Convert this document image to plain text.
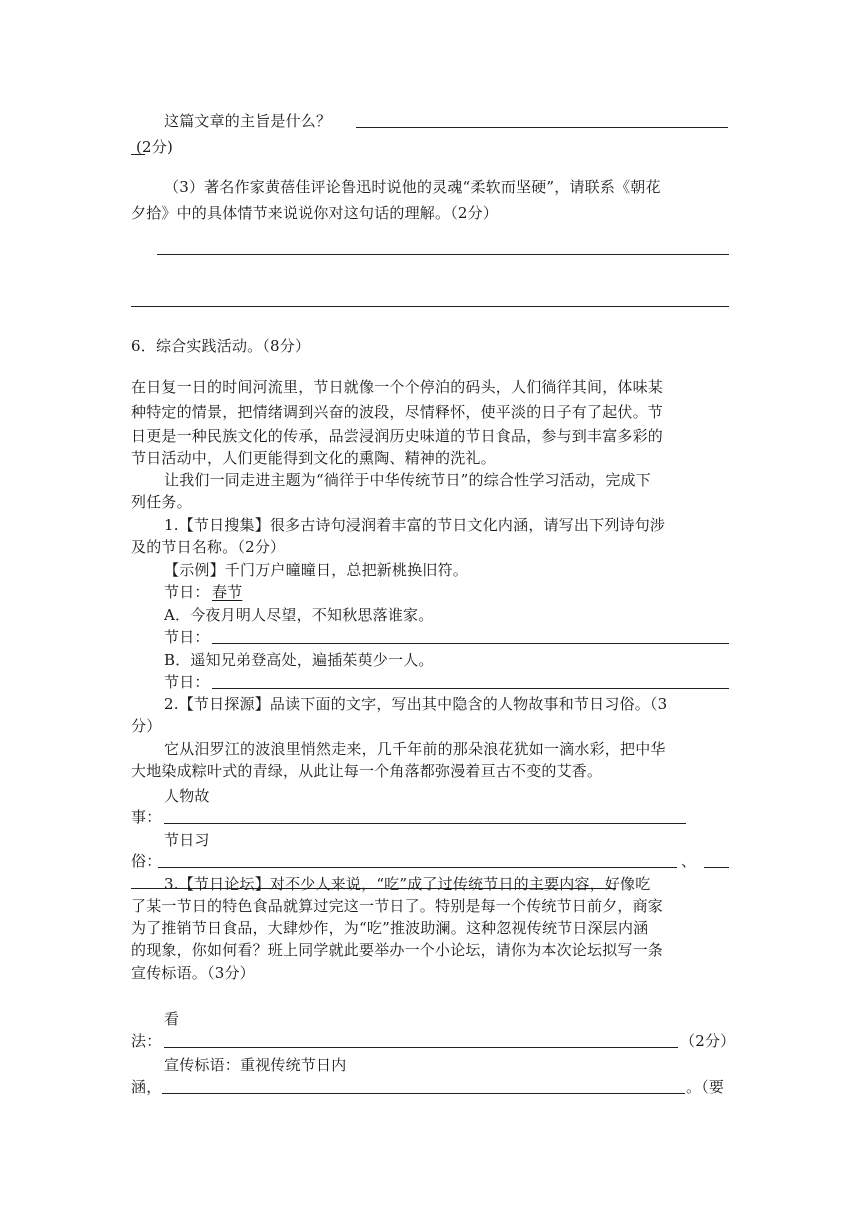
这篇文章的主旨是什么？
(2分)
（3）著名作家黄蓓佳评论鲁迅时说他的灵魂“柔软而坚硬”，请联系《朝花
夕拾》中的具体情节来说说你对这句话的理解。（2分）
6．综合实践活动。（8分）
在日复一日的时间河流里，节日就像一个个停泊的码头，人们徜徉其间，体味某
种特定的情景，把情绪调到兴奋的波段，尽情释怀，使平淡的日子有了起伏。节
日更是一种民族文化的传承，品尝浸润历史味道的节日食品，参与到丰富多彩的
节日活动中，人们更能得到文化的熏陶、精神的洗礼。
让我们一同走进主题为“徜徉于中华传统节日”的综合性学习活动，完成下
列任务。
1.【节日搜集】很多古诗句浸润着丰富的节日文化内涵，请写出下列诗句涉
及的节日名称。（2分）
【示例】千门万户曈曈日，总把新桃换旧符。
节日： 春节
A．今夜月明人尽望，不知秋思落谁家。
节日：
B．遥知兄弟登高处，遍插茱萸少一人。
节日：
2.【节日探源】品读下面的文字，写出其中隐含的人物故事和节日习俗。（3
分）
它从汨罗江的波浪里悄然走来，几千年前的那朵浪花犹如一滴水彩，把中华
大地染成粽叶式的青绿，从此让每一个角落都弥漫着亘古不变的艾香。
人物故
事：
节日习
俗：	、
3.【节日论坛】对不少人来说，“吃”成了过传统节日的主要内容，好像吃
了某一节日的特色食品就算过完这一节日了。特别是每一个传统节日前夕，商家
为了推销节日食品，大肆炒作，为“吃”推波助澜。这种忽视传统节日深层内涵
的现象，你如何看？班上同学就此要举办一个小论坛，请你为本次论坛拟写一条
宣传标语。（3分）
看
法：	（2分）
宣传标语：重视传统节日内
涵，	。（要
